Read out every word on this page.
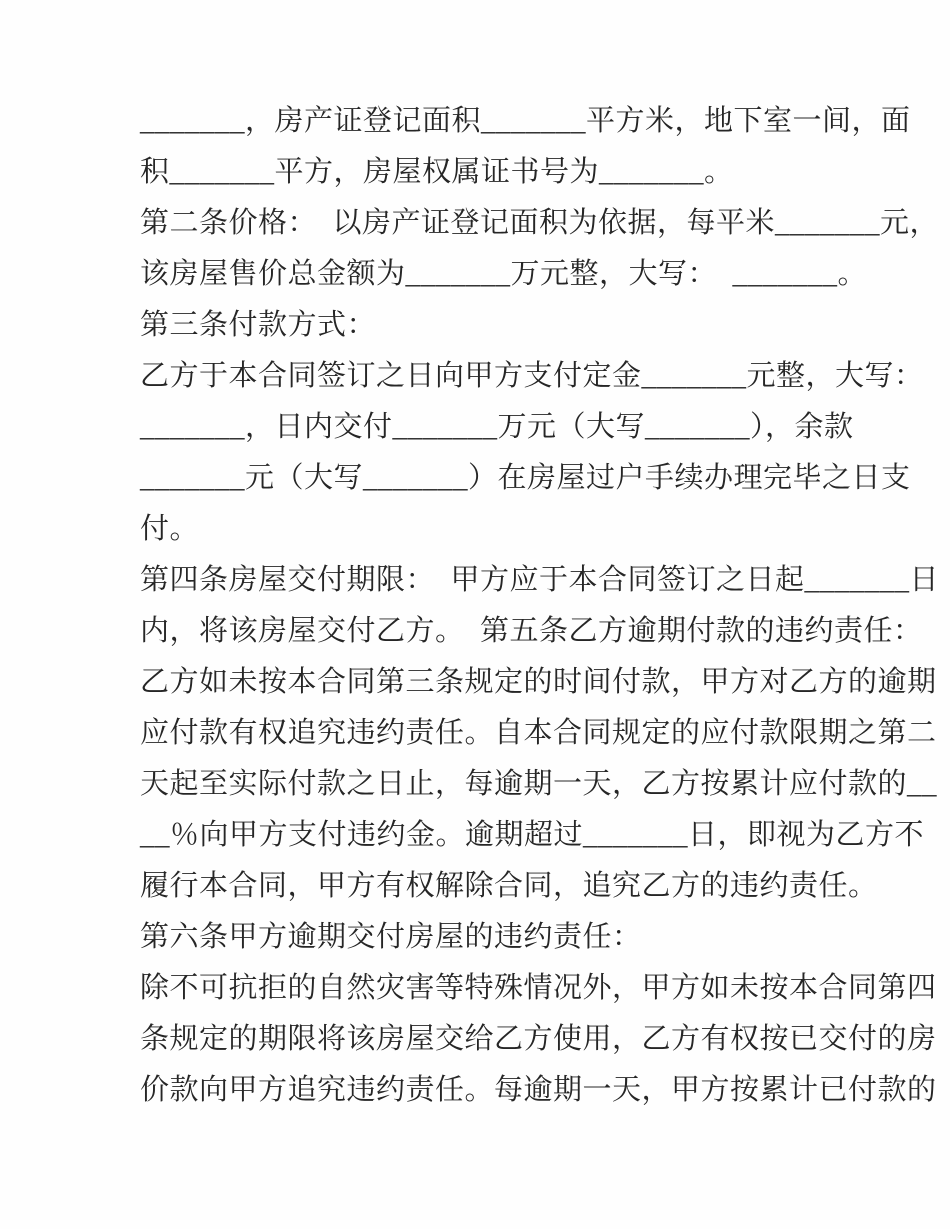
_______，房产证登记面积_______平方米，地下室一间，面
积_______平方，房屋权属证书号为_______。
第二条价格：  以房产证登记面积为依据，每平米_______元，
该房屋售价总金额为_______万元整，大写：  _______。
第三条付款方式：
乙方于本合同签订之日向甲方支付定金_______元整，大写：
_______，日内交付_______万元（大写_______），余款
_______元（大写_______）在房屋过户手续办理完毕之日支
付。
第四条房屋交付期限：  甲方应于本合同签订之日起_______日
内，将该房屋交付乙方。  第五条乙方逾期付款的违约责任：
乙方如未按本合同第三条规定的时间付款，甲方对乙方的逾期
应付款有权追究违约责任。自本合同规定的应付款限期之第二
天起至实际付款之日止，每逾期一天，乙方按累计应付款的__
__％向甲方支付违约金。逾期超过_______日，即视为乙方不
履行本合同，甲方有权解除合同，追究乙方的违约责任。
第六条甲方逾期交付房屋的违约责任：
除不可抗拒的自然灾害等特殊情况外，甲方如未按本合同第四
条规定的期限将该房屋交给乙方使用，乙方有权按已交付的房
价款向甲方追究违约责任。每逾期一天，甲方按累计已付款的
